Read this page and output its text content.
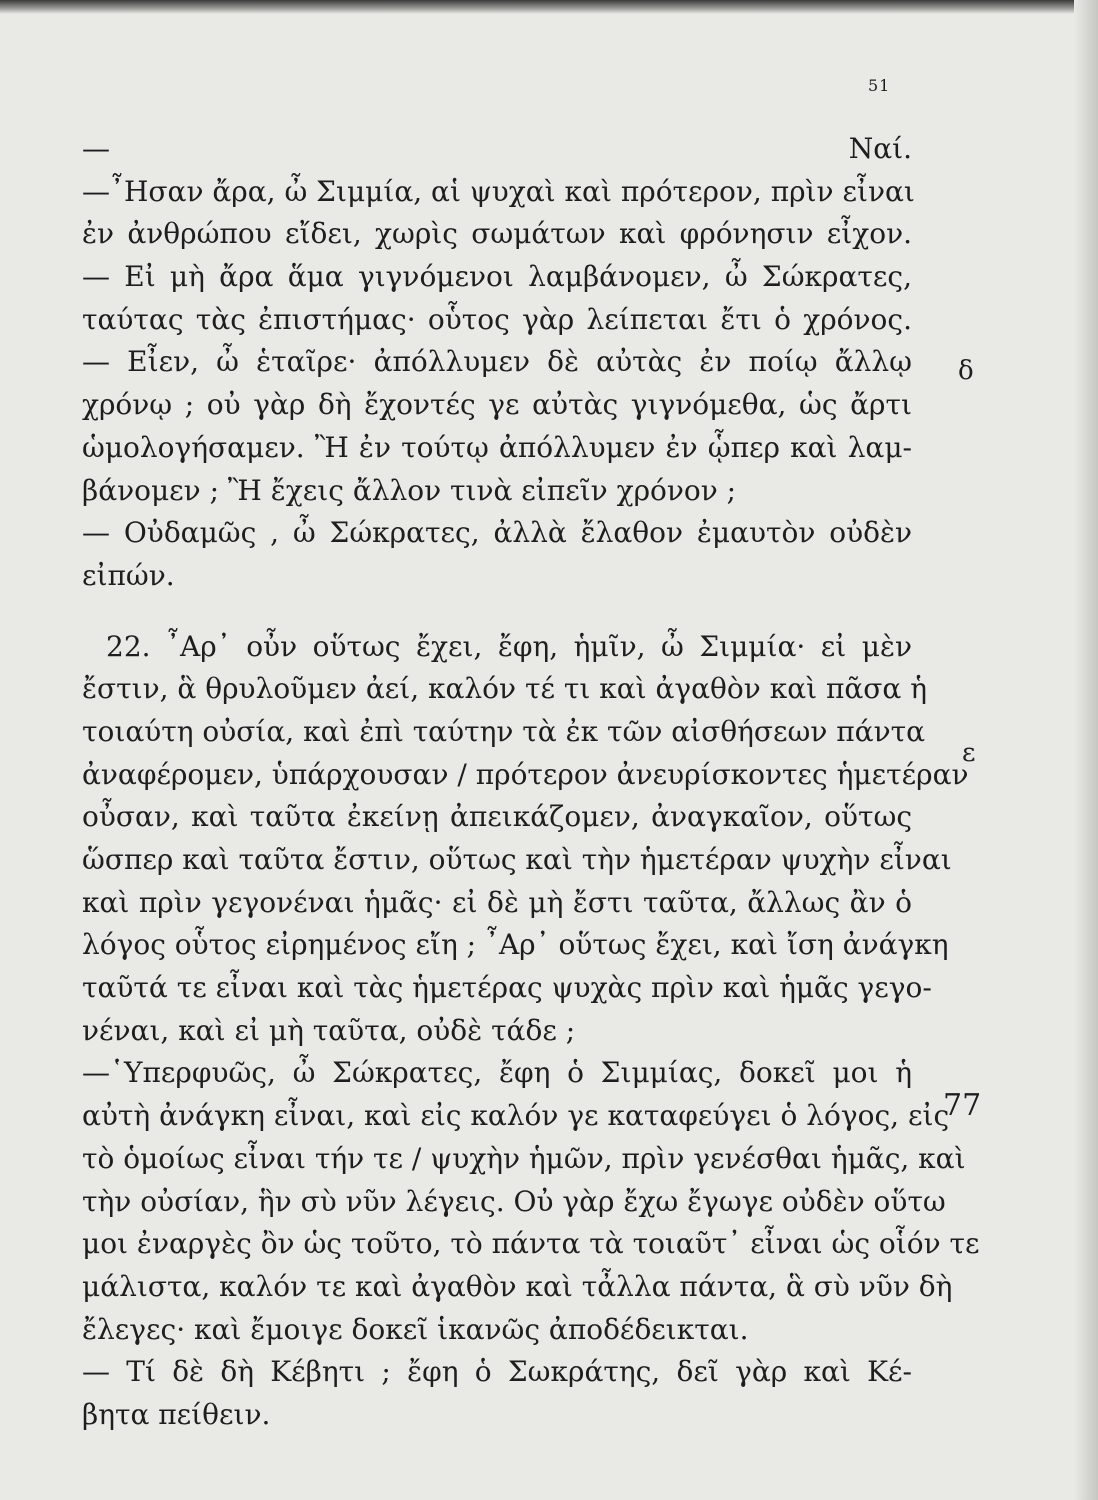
51
— Ναί.
—῏Ησαν ἄρα, ὦ Σιμμία, αἱ ψυχαὶ καὶ πρότερον, πρὶν εἶναι
ἐν ἀνθρώπου εἴδει, χωρὶς σωμάτων καὶ φρόνησιν εἶχον.
— Εἰ μὴ ἄρα ἅμα γιγνόμενοι λαμβάνομεν, ὦ Σώκρατες,
ταύτας τὰς ἐπιστήμας· οὗτος γὰρ λείπεται ἔτι ὁ χρόνος.
— Εἶεν, ὦ ἑταῖρε· ἀπόλλυμεν δὲ αὐτὰς ἐν ποίῳ ἄλλῳ
χρόνῳ ; οὐ γὰρ δὴ ἔχοντές γε αὐτὰς γιγνόμεθα, ὡς ἄρτι
ὡμολογήσαμεν. Ἢ ἐν τούτῳ ἀπόλλυμεν ἐν ᾧπερ καὶ λαμ-
βάνομεν ; Ἢ ἔχεις ἄλλον τινὰ εἰπεῖν χρόνον ;
— Οὐδαμῶς , ὦ Σώκρατες, ἀλλὰ ἔλαθον ἐμαυτὸν οὐδὲν
εἰπών.
22. ῏Αρ᾽ οὖν οὕτως ἔχει, ἔφη, ἡμῖν, ὦ Σιμμία· εἰ μὲν
ἔστιν, ἃ θρυλοῦμεν ἀεί, καλόν τέ τι καὶ ἀγαθὸν καὶ πᾶσα ἡ
τοιαύτη οὐσία, καὶ ἐπὶ ταύτην τὰ ἐκ τῶν αἰσθήσεων πάντα
ἀναφέρομεν, ὑπάρχουσαν / πρότερον ἀνευρίσκοντες ἡμετέραν
οὖσαν, καὶ ταῦτα ἐκείνῃ ἀπεικάζομεν, ἀναγκαῖον, οὕτως
ὥσπερ καὶ ταῦτα ἔστιν, οὕτως καὶ τὴν ἡμετέραν ψυχὴν εἶναι
καὶ πρὶν γεγονέναι ἡμᾶς· εἰ δὲ μὴ ἔστι ταῦτα, ἄλλως ἂν ὁ
λόγος οὗτος εἰρημένος εἴη ; ῏Αρ᾽ οὕτως ἔχει, καὶ ἴση ἀνάγκη
ταῦτά τε εἶναι καὶ τὰς ἡμετέρας ψυχὰς πρὶν καὶ ἡμᾶς γεγο-
νέναι, καὶ εἰ μὴ ταῦτα, οὐδὲ τάδε ;
—῾Υπερφυῶς, ὦ Σώκρατες, ἔφη ὁ Σιμμίας, δοκεῖ μοι ἡ
αὐτὴ ἀνάγκη εἶναι, καὶ εἰς καλόν γε καταφεύγει ὁ λόγος, εἰς
τὸ ὁμοίως εἶναι τήν τε / ψυχὴν ἡμῶν, πρὶν γενέσθαι ἡμᾶς, καὶ
τὴν οὐσίαν, ἣν σὺ νῦν λέγεις. Οὐ γὰρ ἔχω ἔγωγε οὐδὲν οὕτω
μοι ἐναργὲς ὂν ὡς τοῦτο, τὸ πάντα τὰ τοιαῦτ᾽ εἶναι ὡς οἷόν τε
μάλιστα, καλόν τε καὶ ἀγαθὸν καὶ τἆλλα πάντα, ἃ σὺ νῦν δὴ
ἔλεγες· καὶ ἔμοιγε δοκεῖ ἱκανῶς ἀποδέδεικται.
— Τί δὲ δὴ Κέβητι ; ἔφη ὁ Σωκράτης, δεῖ γὰρ καὶ Κέ-
βητα πείθειν.
δ
ε
77
